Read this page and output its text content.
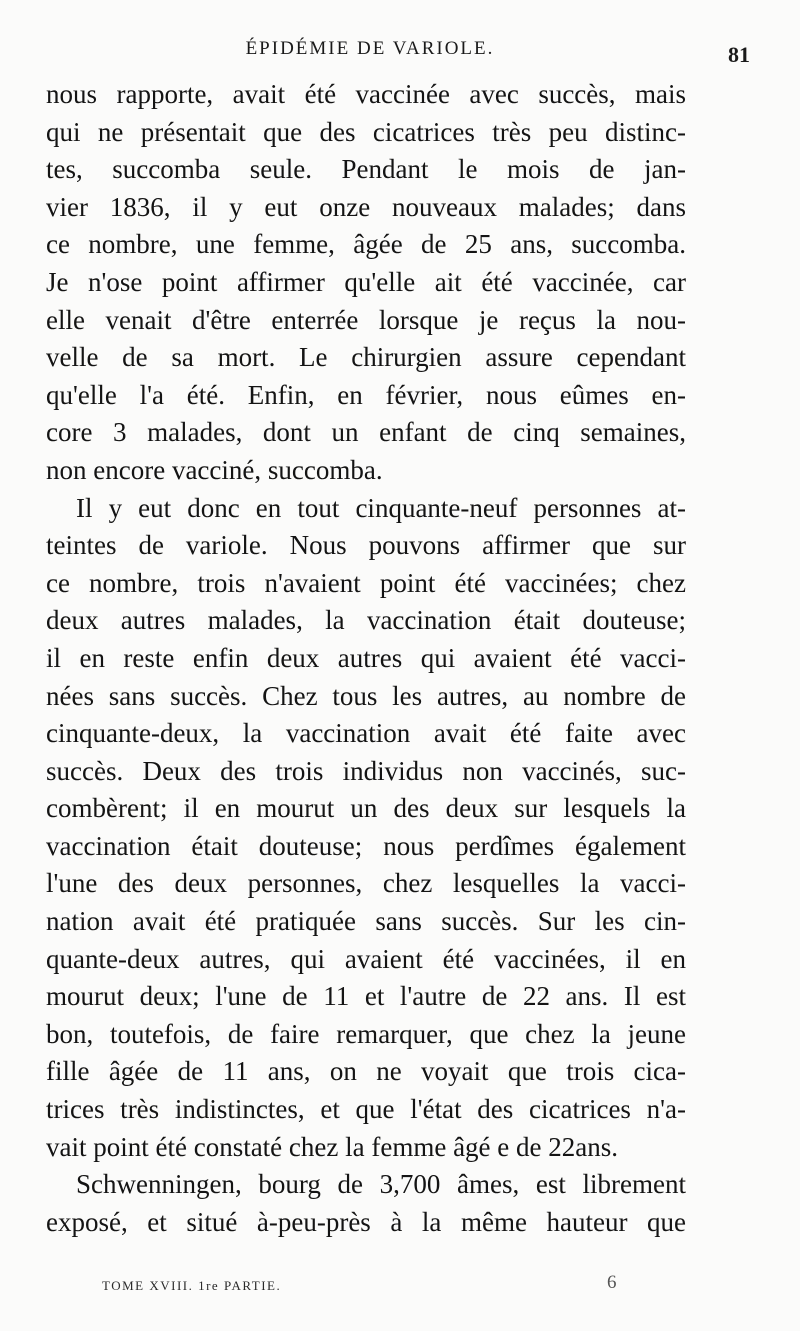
ÉPIDÉMIE DE VARIOLE.	81
nous rapporte, avait été vaccinée avec succès, mais
qui ne présentait que des cicatrices très peu distinc-
tes, succomba seule. Pendant le mois de jan-
vier 1836, il y eut onze nouveaux malades; dans
ce nombre, une femme, âgée de 25 ans, succomba.
Je n'ose point affirmer qu'elle ait été vaccinée, car
elle venait d'être enterrée lorsque je reçus la nou-
velle de sa mort. Le chirurgien assure cependant
qu'elle l'a été. Enfin, en février, nous eûmes en-
core 3 malades, dont un enfant de cinq semaines,
non encore vacciné, succomba.
Il y eut donc en tout cinquante-neuf personnes at-
teintes de variole. Nous pouvons affirmer que sur
ce nombre, trois n'avaient point été vaccinées; chez
deux autres malades, la vaccination était douteuse;
il en reste enfin deux autres qui avaient été vacci-
nées sans succès. Chez tous les autres, au nombre de
cinquante-deux, la vaccination avait été faite avec
succès. Deux des trois individus non vaccinés, suc-
combèrent; il en mourut un des deux sur lesquels la
vaccination était douteuse; nous perdîmes également
l'une des deux personnes, chez lesquelles la vacci-
nation avait été pratiquée sans succès. Sur les cin-
quante-deux autres, qui avaient été vaccinées, il en
mourut deux; l'une de 11 et l'autre de 22 ans. Il est
bon, toutefois, de faire remarquer, que chez la jeune
fille âgée de 11 ans, on ne voyait que trois cica-
trices très indistinctes, et que l'état des cicatrices n'a-
vait point été constaté chez la femme âgé e de 22ans.
Schwenningen, bourg de 3,700 âmes, est librement
exposé, et situé à-peu-près à la même hauteur que
TOME XVIII. 1re PARTIE.	6
